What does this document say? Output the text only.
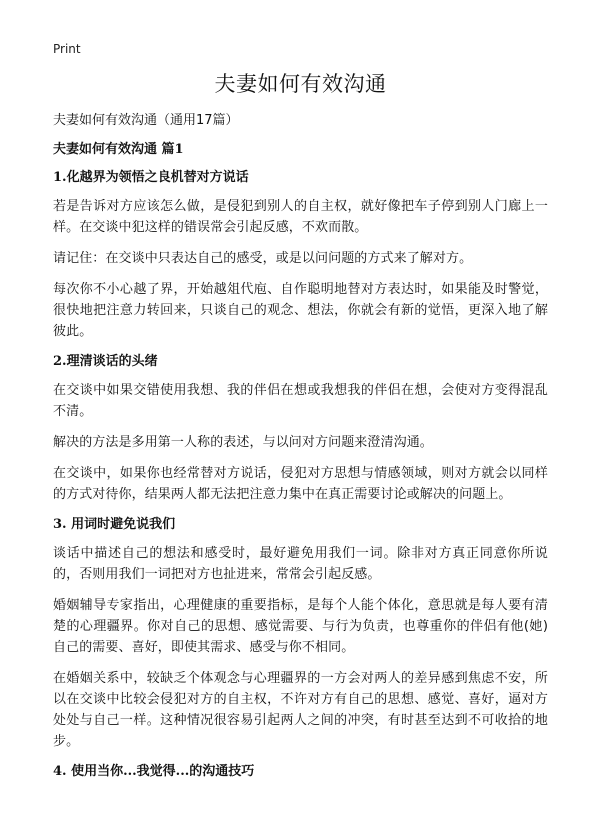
Print
夫妻如何有效沟通
夫妻如何有效沟通（通用17篇）
夫妻如何有效沟通 篇1
1.化越界为领悟之良机替对方说话

若是告诉对方应该怎么做，是侵犯到别人的自主权，就好像把车子停到别人门廊上一样。在交谈中犯这样的错误常会引起反感，不欢而散。

请记住：在交谈中只表达自己的感受，或是以问问题的方式来了解对方。

每次你不小心越了界，开始越俎代庖、自作聪明地替对方表达时，如果能及时警觉，很快地把注意力转回来，只谈自己的观念、想法，你就会有新的觉悟，更深入地了解彼此。

2.理清谈话的头绪

在交谈中如果交错使用我想、我的伴侣在想或我想我的伴侣在想，会使对方变得混乱不清。

解决的方法是多用第一人称的表述，与以问对方问题来澄清沟通。

在交谈中，如果你也经常替对方说话，侵犯对方思想与情感领域，则对方就会以同样的方式对待你，结果两人都无法把注意力集中在真正需要讨论或解决的问题上。

3. 用词时避免说我们

谈话中描述自己的想法和感受时，最好避免用我们一词。除非对方真正同意你所说的，否则用我们一词把对方也扯进来，常常会引起反感。

婚姻辅导专家指出，心理健康的重要指标，是每个人能个体化，意思就是每人要有清楚的心理疆界。你对自己的思想、感觉需要、与行为负责，也尊重你的伴侣有他(她)自己的需要、喜好，即使其需求、感受与你不相同。

在婚姻关系中，较缺乏个体观念与心理疆界的一方会对两人的差异感到焦虑不安，所以在交谈中比较会侵犯对方的自主权，不许对方有自己的思想、感觉、喜好，逼对方处处与自己一样。这种情况很容易引起两人之间的冲突，有时甚至达到不可收拾的地步。

4. 使用当你...我觉得...的沟通技巧
